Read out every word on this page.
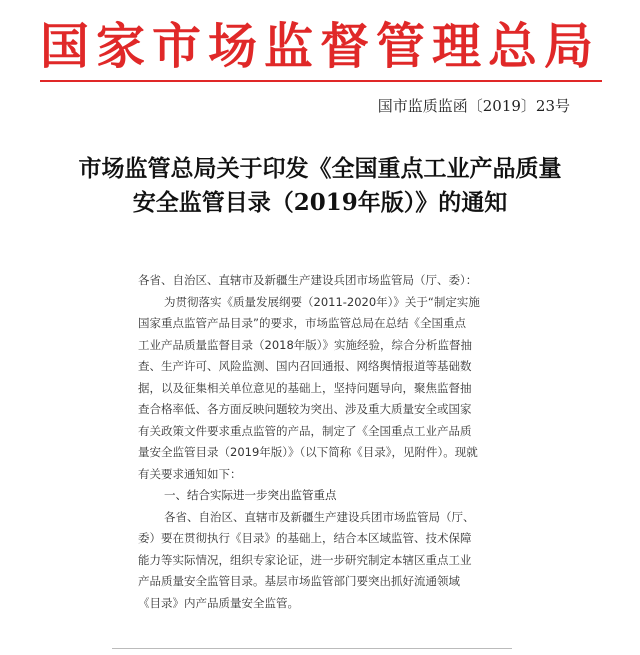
国家市场监督管理总局
国市监质监函〔2019〕23号
市场监管总局关于印发《全国重点工业产品质量
安全监管目录（2019年版）》的通知
各省、自治区、直辖市及新疆生产建设兵团市场监管局（厅、委）：
为贯彻落实《质量发展纲要（2011-2020年）》关于“制定实施
国家重点监管产品目录”的要求，市场监管总局在总结《全国重点
工业产品质量监督目录（2018年版）》实施经验，综合分析监督抽
查、生产许可、风险监测、国内召回通报、网络舆情报道等基础数
据，以及征集相关单位意见的基础上，坚持问题导向，聚焦监督抽
查合格率低、各方面反映问题较为突出、涉及重大质量安全或国家
有关政策文件要求重点监管的产品，制定了《全国重点工业产品质
量安全监管目录（2019年版）》（以下简称《目录》，见附件）。现就
有关要求通知如下：
一、结合实际进一步突出监管重点
各省、自治区、直辖市及新疆生产建设兵团市场监管局（厅、
委）要在贯彻执行《目录》的基础上，结合本区域监管、技术保障
能力等实际情况，组织专家论证，进一步研究制定本辖区重点工业
产品质量安全监管目录。基层市场监管部门要突出抓好流通领域
《目录》内产品质量安全监管。
